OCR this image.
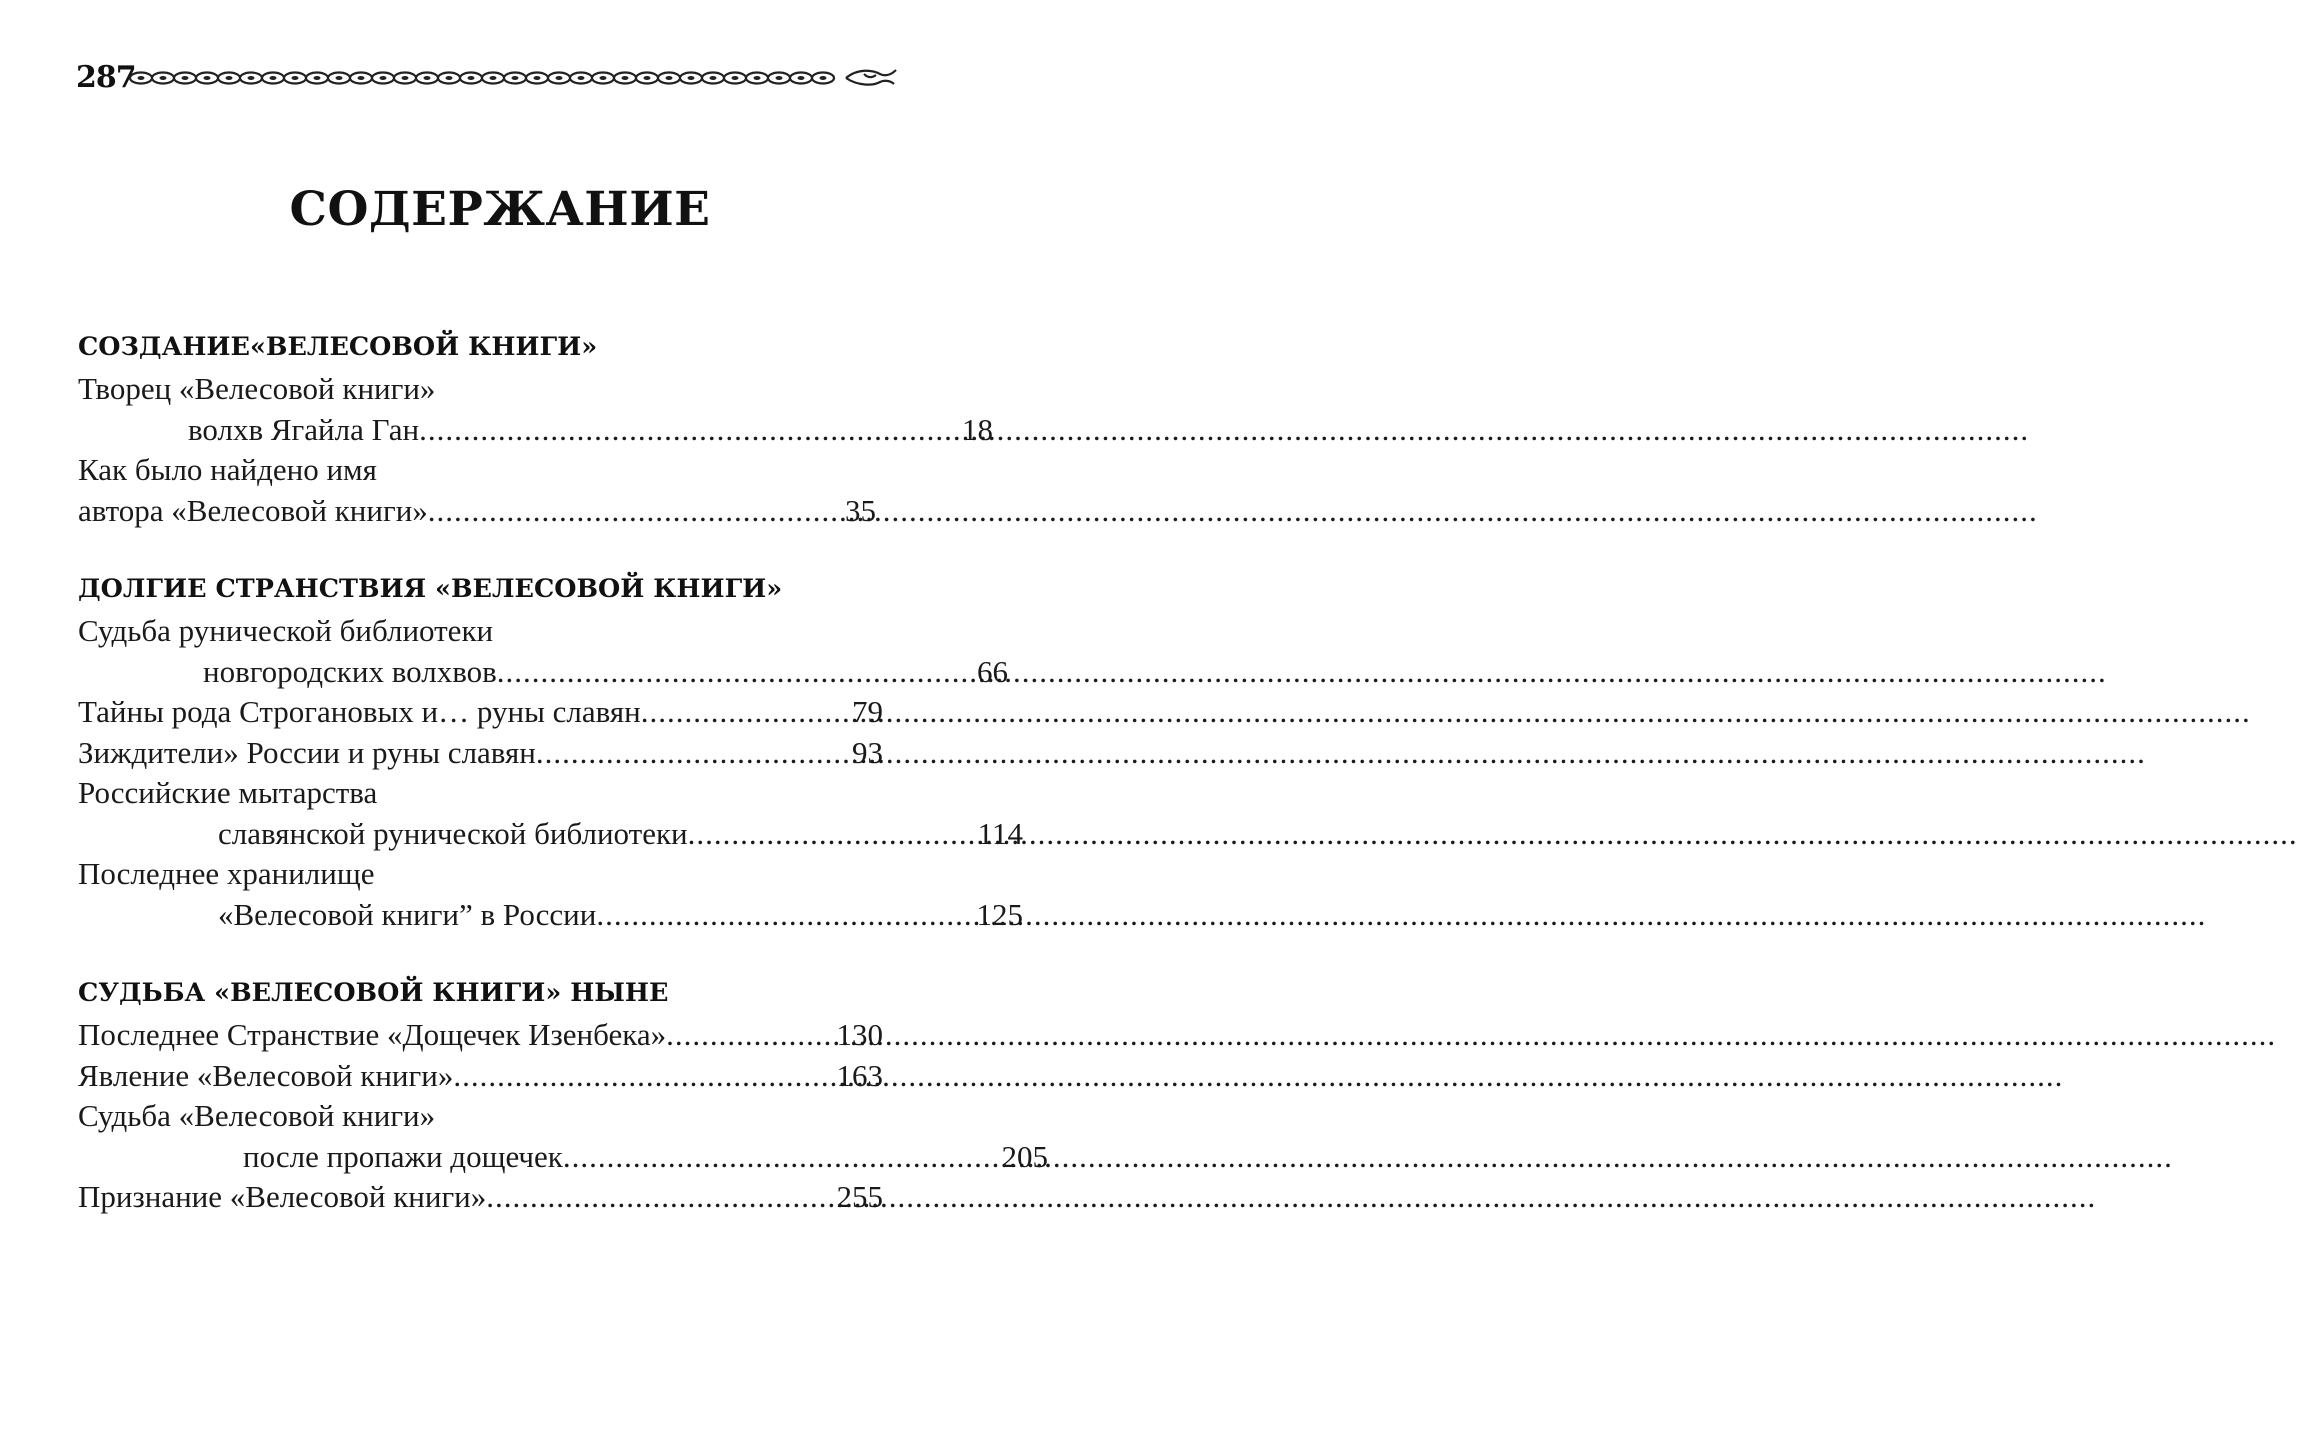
287
СОДЕРЖАНИЕ
СОЗДАНИЕ«ВЕЛЕСОВОЙ КНИГИ»
Творец «Велесовой книги»
волхв Ягайла Ган .....	18
Как было найдено имя
автора «Велесовой книги» .....	35
ДОЛГИЕ СТРАНСТВИЯ «ВЕЛЕСОВОЙ КНИГИ»
Судьба рунической библиотеки
новгородских волхвов .....	66
Тайны рода Строгановых и… руны славян .....	79
Зиждители» России и руны славян .....	93
Российские мытарства
славянской рунической библиотеки .....	114
Последнее хранилище
«Велесовой книги” в России .....	125
СУДЬБА «ВЕЛЕСОВОЙ КНИГИ» НЫНЕ
Последнее Странствие «Дощечек Изенбека» .....	130
Явление «Велесовой книги» .....	163
Судьба «Велесовой книги»
после пропажи дощечек .....	205
Признание «Велесовой книги» .....	255
